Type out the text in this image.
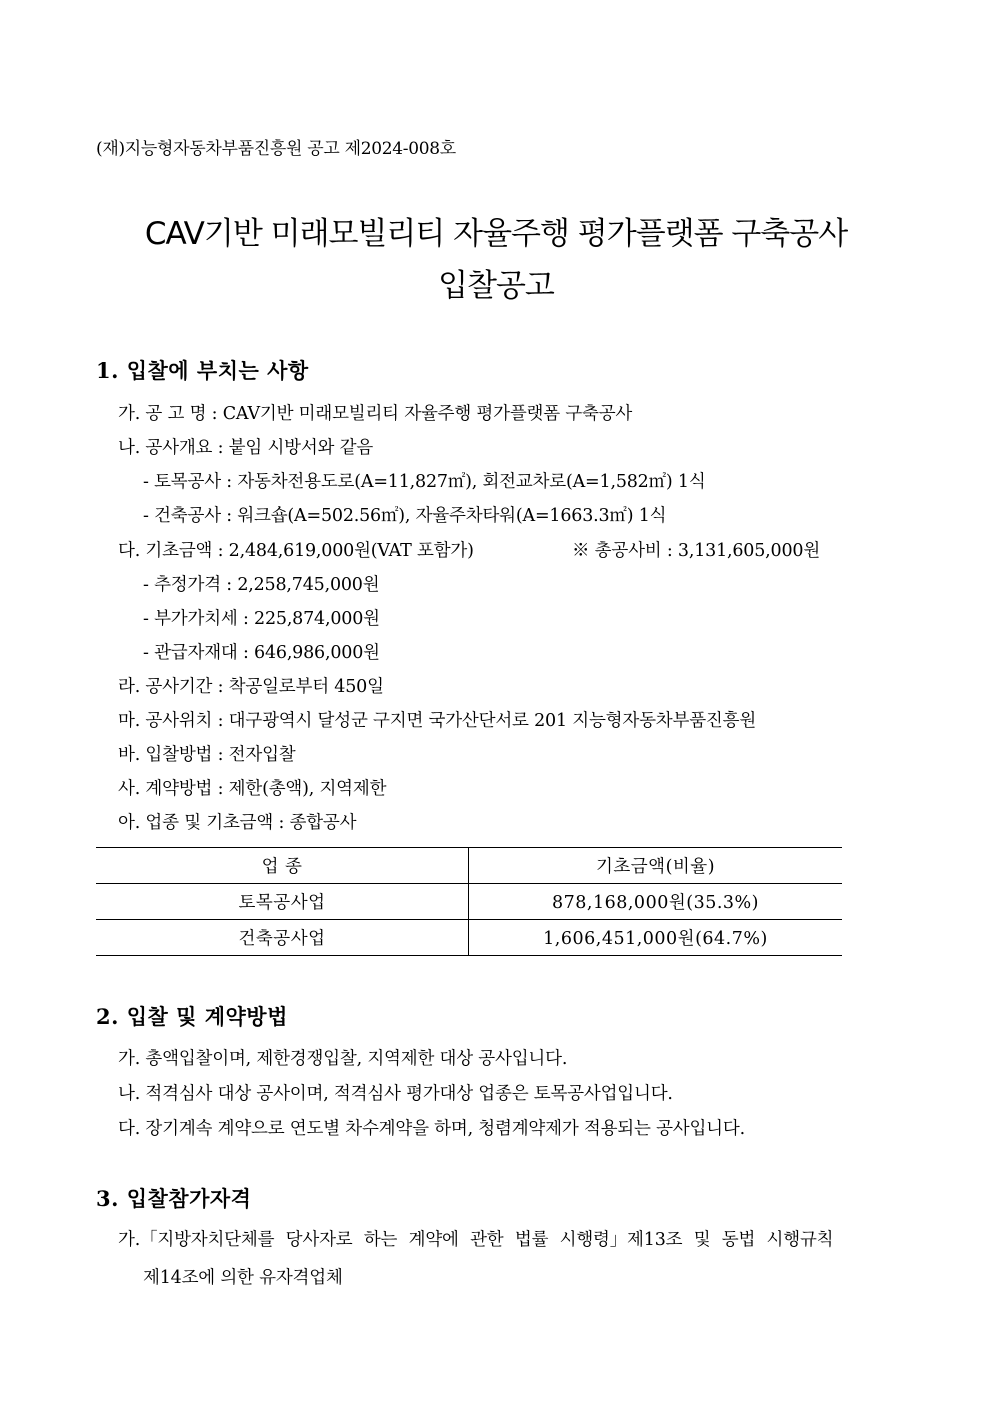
(재)지능형자동차부품진흥원 공고 제2024-008호
CAV기반 미래모빌리티 자율주행 평가플랫폼 구축공사
입찰공고
1. 입찰에 부치는 사항
가. 공 고 명 : CAV기반 미래모빌리티 자율주행 평가플랫폼 구축공사
나. 공사개요 : 붙임 시방서와 같음
- 토목공사 : 자동차전용도로(A=11,827㎡), 회전교차로(A=1,582㎡) 1식
- 건축공사 : 워크숍(A=502.56㎡), 자율주차타워(A=1663.3㎡) 1식
다. 기초금액 : 2,484,619,000원(VAT 포함가)	※ 총공사비 : 3,131,605,000원
- 추정가격 : 2,258,745,000원
- 부가가치세 : 225,874,000원
- 관급자재대 : 646,986,000원
라. 공사기간 : 착공일로부터 450일
마. 공사위치 : 대구광역시 달성군 구지면 국가산단서로 201 지능형자동차부품진흥원
바. 입찰방법 : 전자입찰
사. 계약방법 : 제한(총액), 지역제한
아. 업종 및 기초금액 : 종합공사
업 종	기초금액(비율)
토목공사업	878,168,000원(35.3%)
건축공사업	1,606,451,000원(64.7%)
2. 입찰 및 계약방법
가. 총액입찰이며, 제한경쟁입찰, 지역제한 대상 공사입니다.
나. 적격심사 대상 공사이며, 적격심사 평가대상 업종은 토목공사업입니다.
다. 장기계속 계약으로 연도별 차수계약을 하며, 청렴계약제가 적용되는 공사입니다.
3. 입찰참가자격
가.「지방자치단체를 당사자로 하는 계약에 관한 법률 시행령」제13조 및 동법 시행규칙
제14조에 의한 유자격업체
